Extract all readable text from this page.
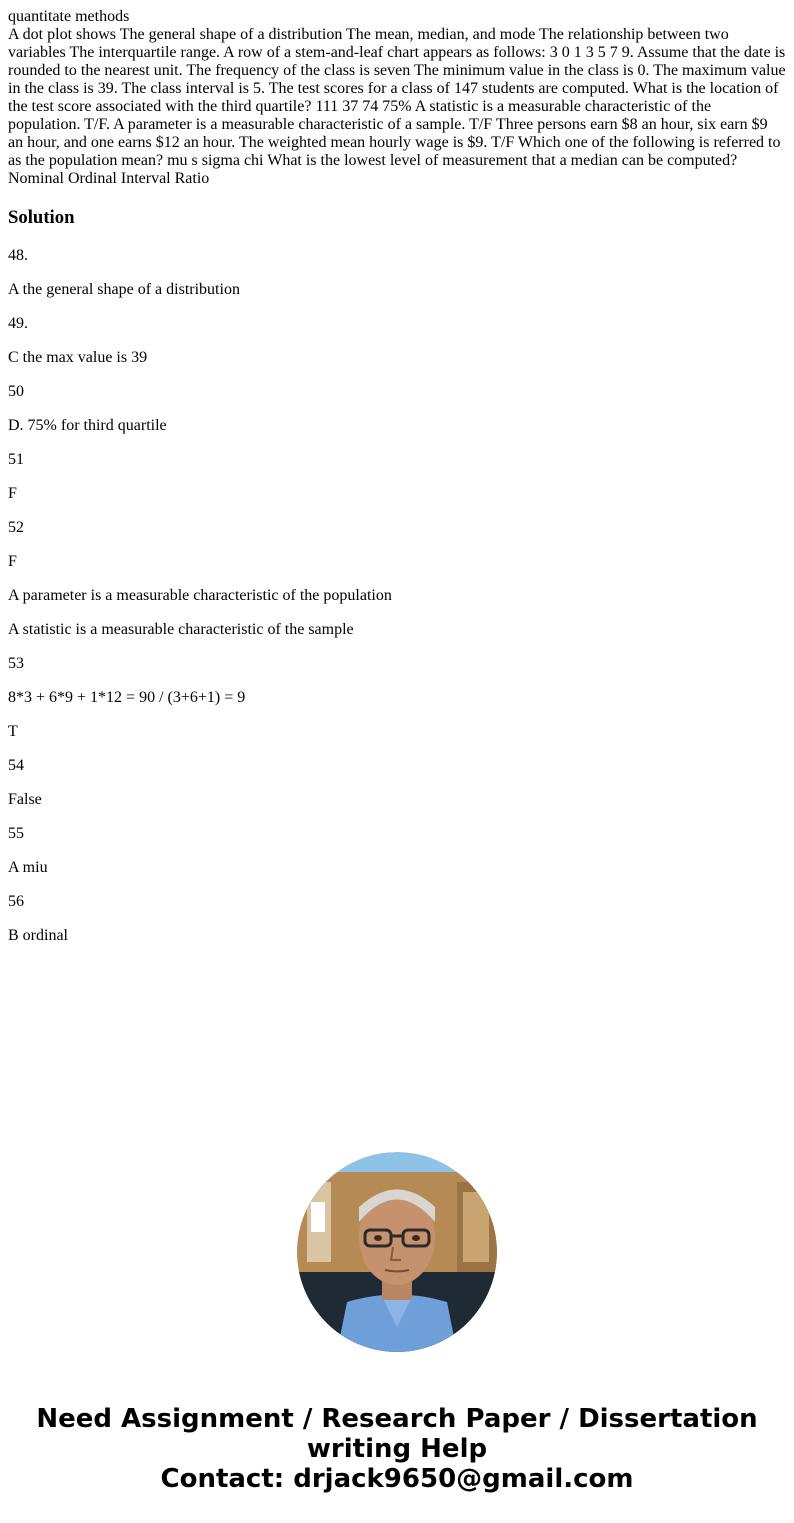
quantitate methods
A dot plot shows The general shape of a distribution The mean, median, and mode The relationship between two variables The interquartile range. A row of a stem-and-leaf chart appears as follows: 3 0 1 3 5 7 9. Assume that the date is rounded to the nearest unit. The frequency of the class is seven The minimum value in the class is 0. The maximum value in the class is 39. The class interval is 5. The test scores for a class of 147 students are computed. What is the location of the test score associated with the third quartile? 111 37 74 75% A statistic is a measurable characteristic of the population. T/F. A parameter is a measurable characteristic of a sample. T/F Three persons earn $8 an hour, six earn $9 an hour, and one earns $12 an hour. The weighted mean hourly wage is $9. T/F Which one of the following is referred to as the population mean? mu s sigma chi What is the lowest level of measurement that a median can be computed? Nominal Ordinal Interval Ratio
Solution

48.

A the general shape of a distribution

49.

C the max value is 39

50

D. 75% for third quartile

51

F

52

F

A parameter is a measurable characteristic of the population

A statistic is a measurable characteristic of the sample

53

8*3 + 6*9 + 1*12 = 90 / (3+6+1) = 9

T

54

False

55

A miu

56

B ordinal

Need Assignment / Research Paper / Dissertation
writing Help
Contact: drjack9650@gmail.com
